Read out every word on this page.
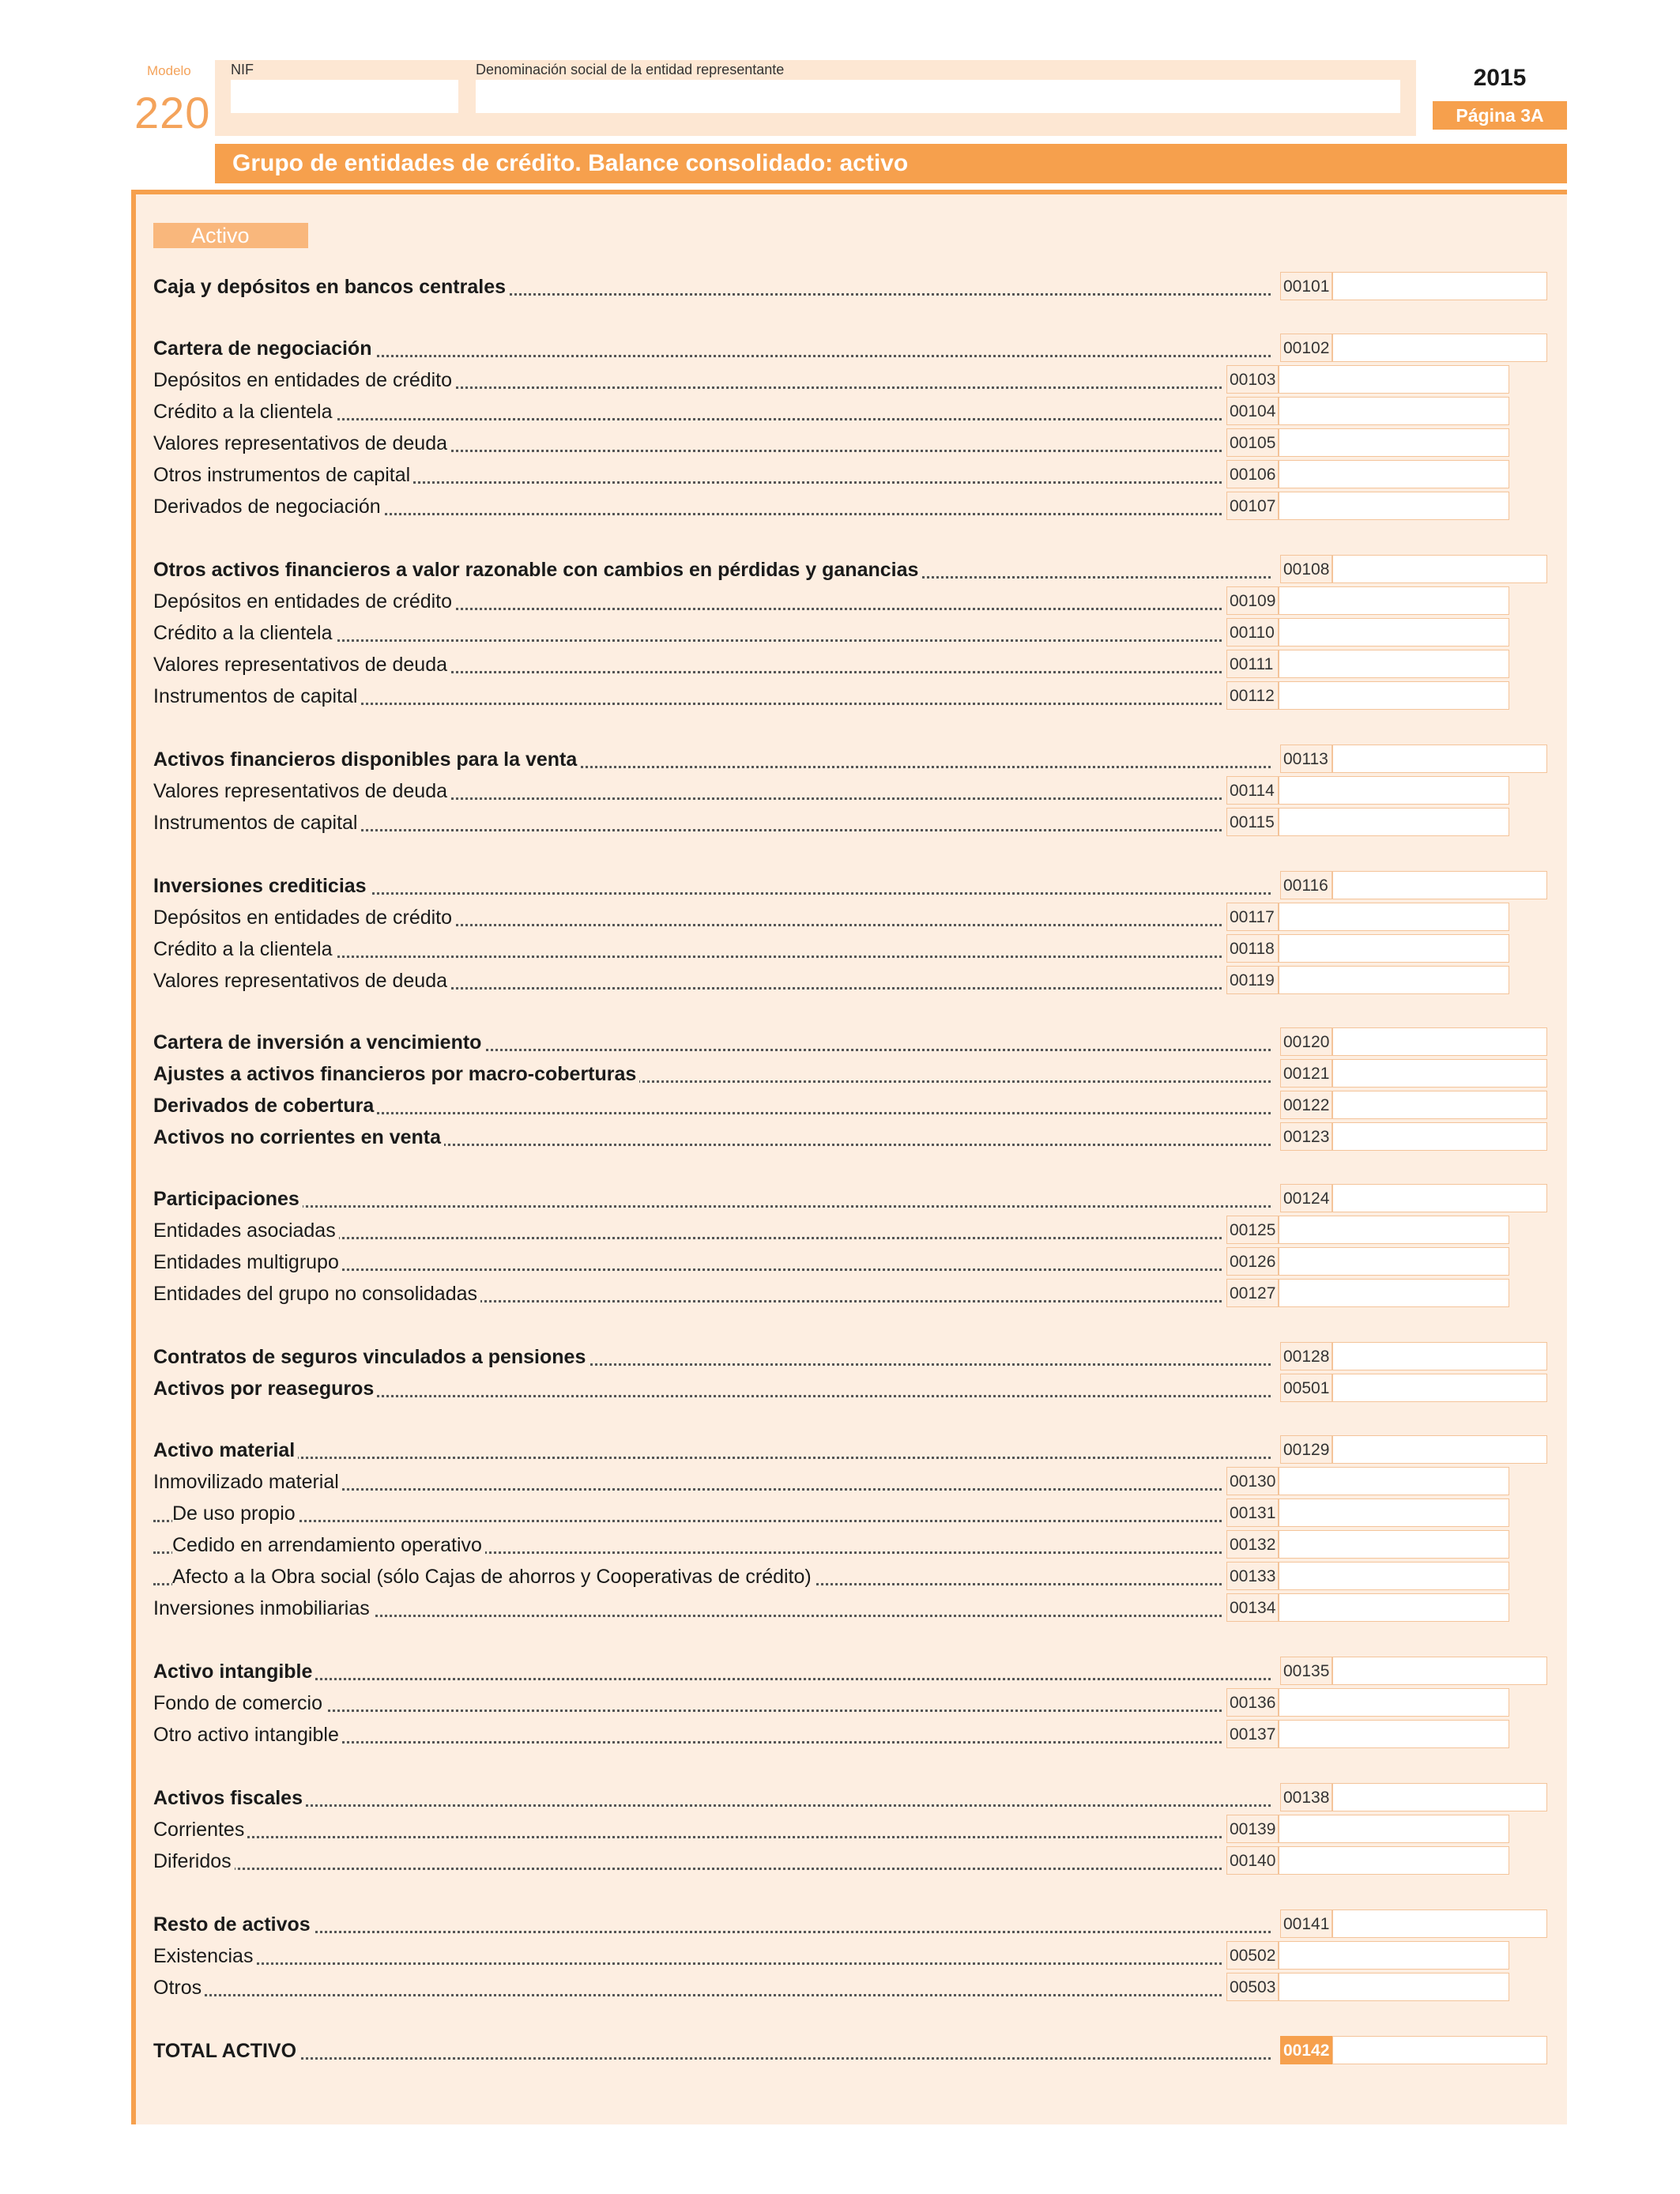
Modelo
220
NIF	Denominación social de la entidad representante	2015
Página 3A
Grupo de entidades de crédito. Balance consolidado: activo
Activo
Caja y depósitos en bancos centrales	00101
Cartera de negociación	00102
Depósitos en entidades de crédito	00103
Crédito a la clientela	00104
Valores representativos de deuda	00105
Otros instrumentos de capital	00106
Derivados de negociación	00107
Otros activos financieros a valor razonable con cambios en pérdidas y ganancias	00108
Depósitos en entidades de crédito	00109
Crédito a la clientela	00110
Valores representativos de deuda	00111
Instrumentos de capital	00112
Activos financieros disponibles para la venta	00113
Valores representativos de deuda	00114
Instrumentos de capital	00115
Inversiones crediticias	00116
Depósitos en entidades de crédito	00117
Crédito a la clientela	00118
Valores representativos de deuda	00119
Cartera de inversión a vencimiento	00120
Ajustes a activos financieros por macro-coberturas	00121
Derivados de cobertura	00122
Activos no corrientes en venta	00123
Participaciones	00124
Entidades asociadas	00125
Entidades multigrupo	00126
Entidades del grupo no consolidadas	00127
Contratos de seguros vinculados a pensiones	00128
Activos por reaseguros	00501
Activo material	00129
Inmovilizado material	00130
De uso propio	00131
Cedido en arrendamiento operativo	00132
Afecto a la Obra social (sólo Cajas de ahorros y Cooperativas de crédito)	00133
Inversiones inmobiliarias	00134
Activo intangible	00135
Fondo de comercio	00136
Otro activo intangible	00137
Activos fiscales	00138
Corrientes	00139
Diferidos	00140
Resto de activos	00141
Existencias	00502
Otros	00503
TOTAL ACTIVO	00142
